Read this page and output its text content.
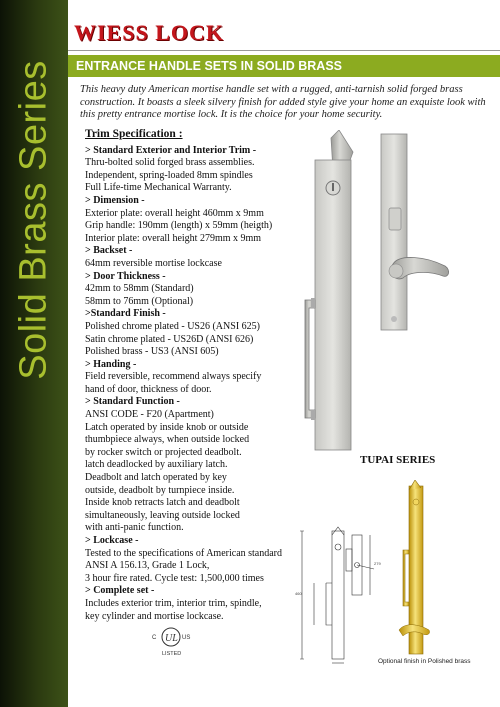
Solid Brass Series
WIESS LOCK
ENTRANCE HANDLE SETS IN SOLID BRASS
This heavy duty American mortise handle set with a rugged, anti-tarnish solid forged brass construction. It boasts a sleek silvery finish for added style give your home an exquiste look with this pretty entrance mortise lock. It is the choice for your home security.
Trim Specification :
> Standard Exterior and Interior Trim -
Thru-bolted solid forged brass assemblies.
Independent, spring-loaded 8mm spindles
Full Life-time Mechanical Warranty.
> Dimension -
Exterior plate: overall height 460mm x 9mm
Grip handle: 190mm (length) x 59mm (heigth)
Interior plate: overall height 279mm x 9mm
> Backset -
64mm reversible mortise lockcase
> Door Thickness -
42mm to 58mm (Standard)
58mm to 76mm (Optional)
>Standard Finish -
Polished chrome plated - US26 (ANSI 625)
Satin chrome plated - US26D (ANSI 626)
Polished brass - US3 (ANSI 605)
> Handing -
Field reversible, recommend always specify
hand of door, thickness of door.
> Standard Function -
ANSI CODE - F20 (Apartment)
Latch operated by inside knob or outside
thumbpiece always, when outside locked
by rocker switch or projected deadbolt.
latch deadlocked by auxiliary latch.
Deadbolt and latch operated by key
outside, deadbolt by turnpiece inside.
Inside knob retracts latch and deadbolt
simultaneously, leaving outside locked
with anti-panic function.
> Lockcase -
Tested to the specifications of American standard
ANSI A 156.13, Grade 1 Lock,
3 hour fire rated. Cycle test: 1,500,000 times
> Complete set -
Includes exterior trim, interior trim, spindle,
key cylinder and mortise lockcase.
TUPAI SERIES
460
279
Optional finish in Polished brass
C UL US
LISTED
